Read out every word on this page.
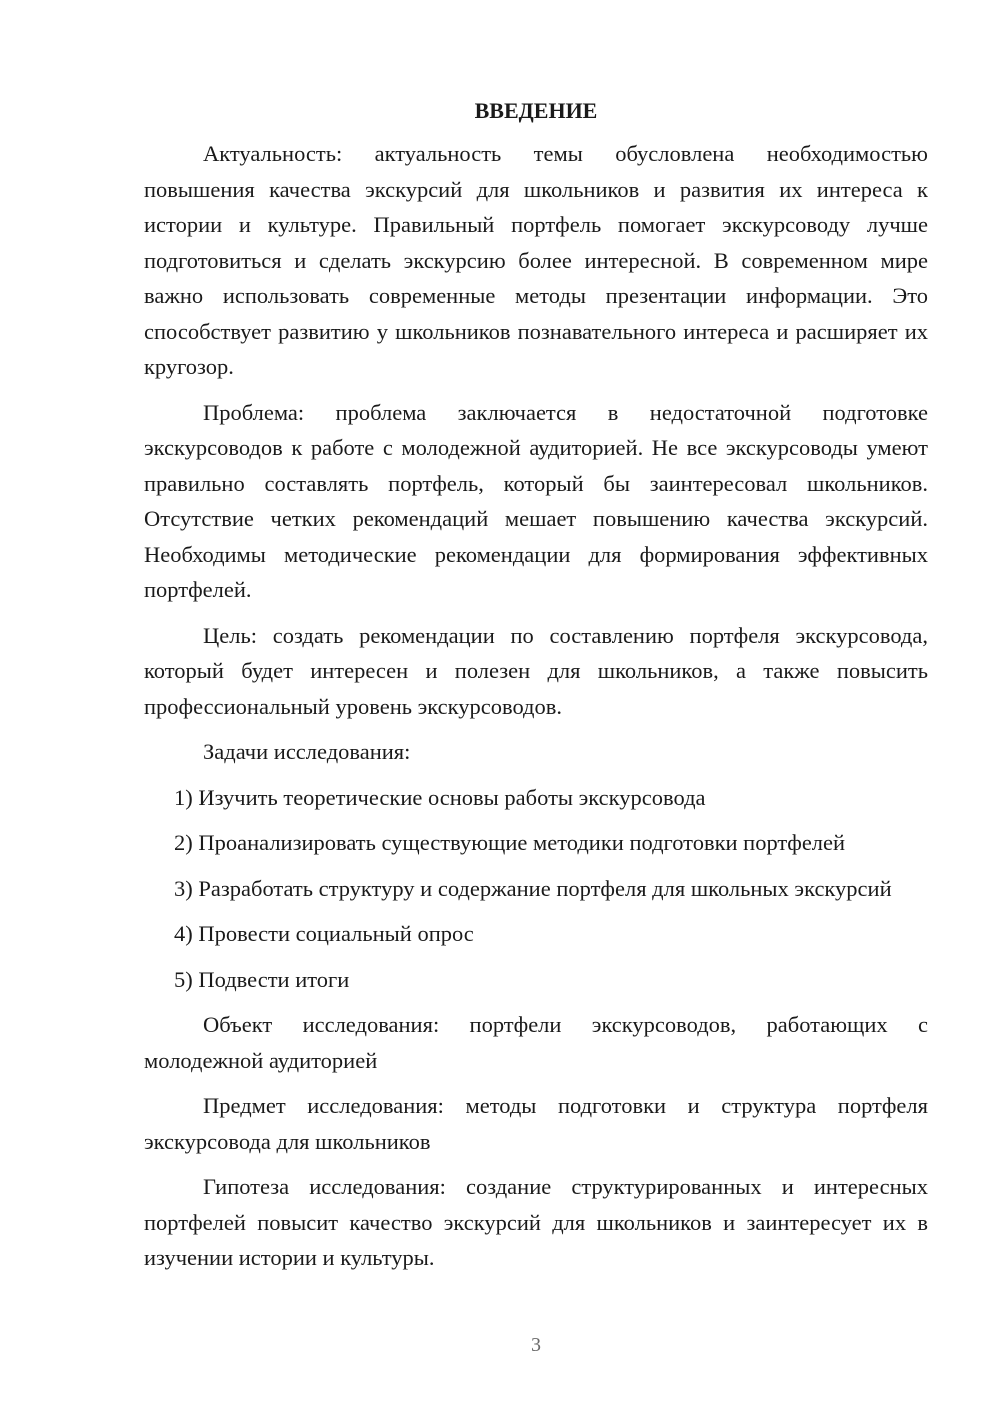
ВВЕДЕНИЕ

Актуальность: актуальность темы обусловлена необходимостью повышения качества экскурсий для школьников и развития их интереса к истории и культуре. Правильный портфель помогает экскурсоводу лучше подготовиться и сделать экскурсию более интересной. В современном мире важно использовать современные методы презентации информации. Это способствует развитию у школьников познавательного интереса и расширяет их кругозор.

Проблема: проблема заключается в недостаточной подготовке экскурсоводов к работе с молодежной аудиторией. Не все экскурсоводы умеют правильно составлять портфель, который бы заинтересовал школьников. Отсутствие четких рекомендаций мешает повышению качества экскурсий. Необходимы методические рекомендации для формирования эффективных портфелей.

Цель: создать рекомендации по составлению портфеля экскурсовода, который будет интересен и полезен для школьников, а также повысить профессиональный уровень экскурсоводов.

Задачи исследования:

1) Изучить теоретические основы работы экскурсовода

2) Проанализировать существующие методики подготовки портфелей

3) Разработать структуру и содержание портфеля для школьных экскурсий

4) Провести социальный опрос

5) Подвести итоги

Объект исследования: портфели экскурсоводов, работающих с молодежной аудиторией

Предмет исследования: методы подготовки и структура портфеля экскурсовода для школьников

Гипотеза исследования: создание структурированных и интересных портфелей повысит качество экскурсий для школьников и заинтересует их в изучении истории и культуры.

3
